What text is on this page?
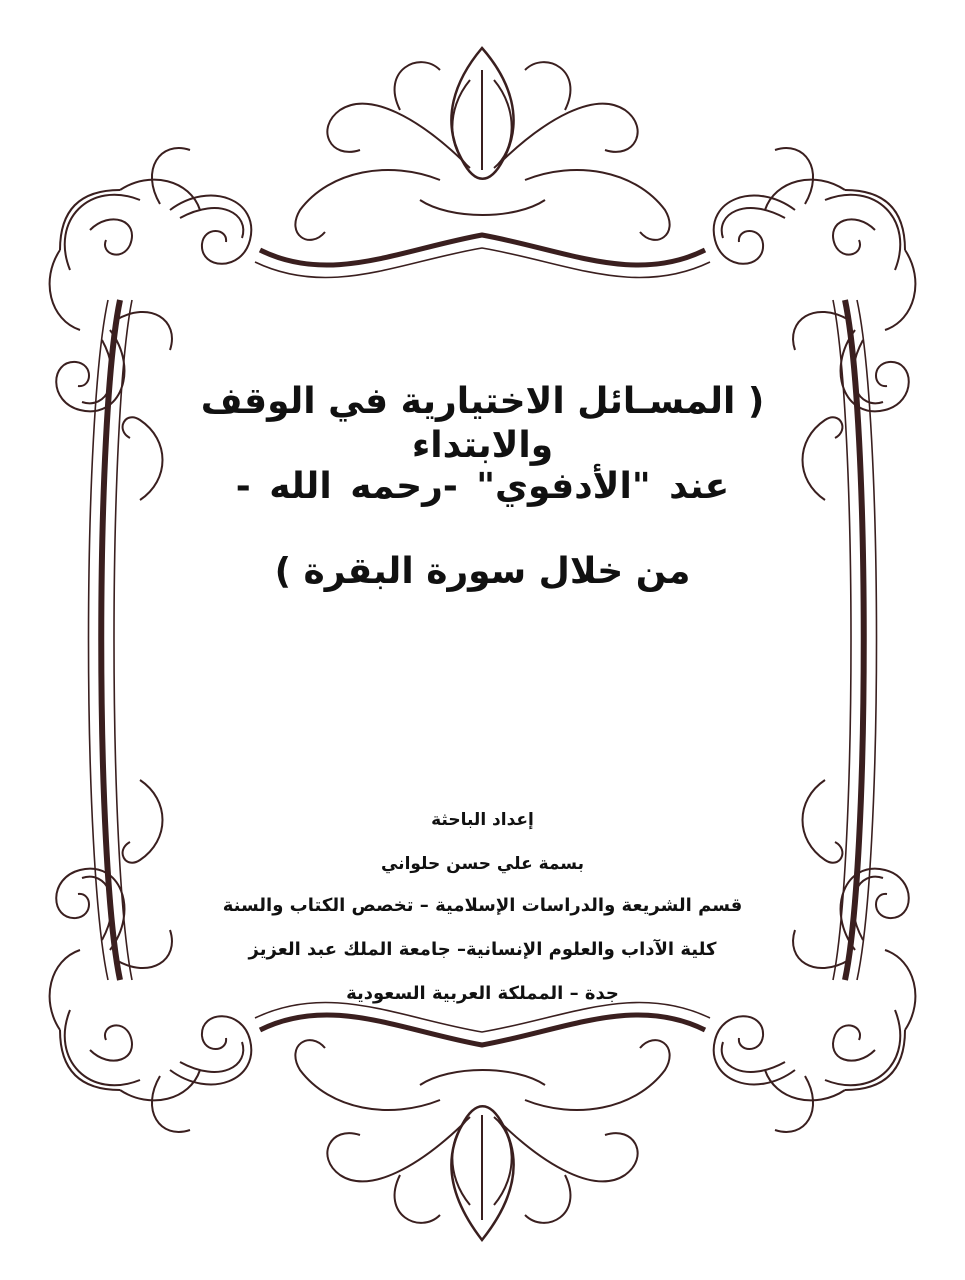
( المسـائل الاختيارية في الوقف والابتداء
عند "الأدفوي" -رحمه الله -
من خلال سورة البقرة )
إعداد الباحثة
بسمة علي حسن حلواني
قسم الشريعة والدراسات الإسلامية – تخصص الكتاب والسنة
كلية الآداب والعلوم الإنسانية– جامعة الملك عبد العزيز
جدة – المملكة العربية السعودية
